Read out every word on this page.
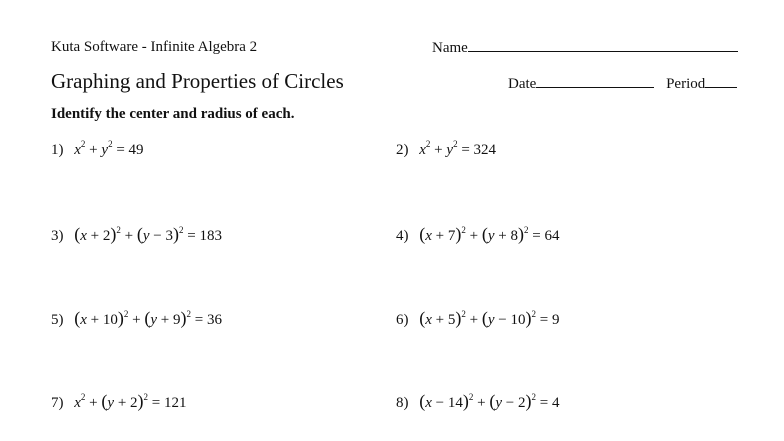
Kuta Software - Infinite Algebra 2
Graphing and Properties of Circles
Name
Date	Period
Identify the center and radius of each.
1) $x^2 + y^2 = 49$	2) $x^2 + y^2 = 324$
3) $(x + 2)^2 + (y - 3)^2 = 183$	4) $(x + 7)^2 + (y + 8)^2 = 64$
5) $(x + 10)^2 + (y + 9)^2 = 36$	6) $(x + 5)^2 + (y - 10)^2 = 9$
7) $x^2 + (y + 2)^2 = 121$	8) $(x - 14)^2 + (y - 2)^2 = 4$
